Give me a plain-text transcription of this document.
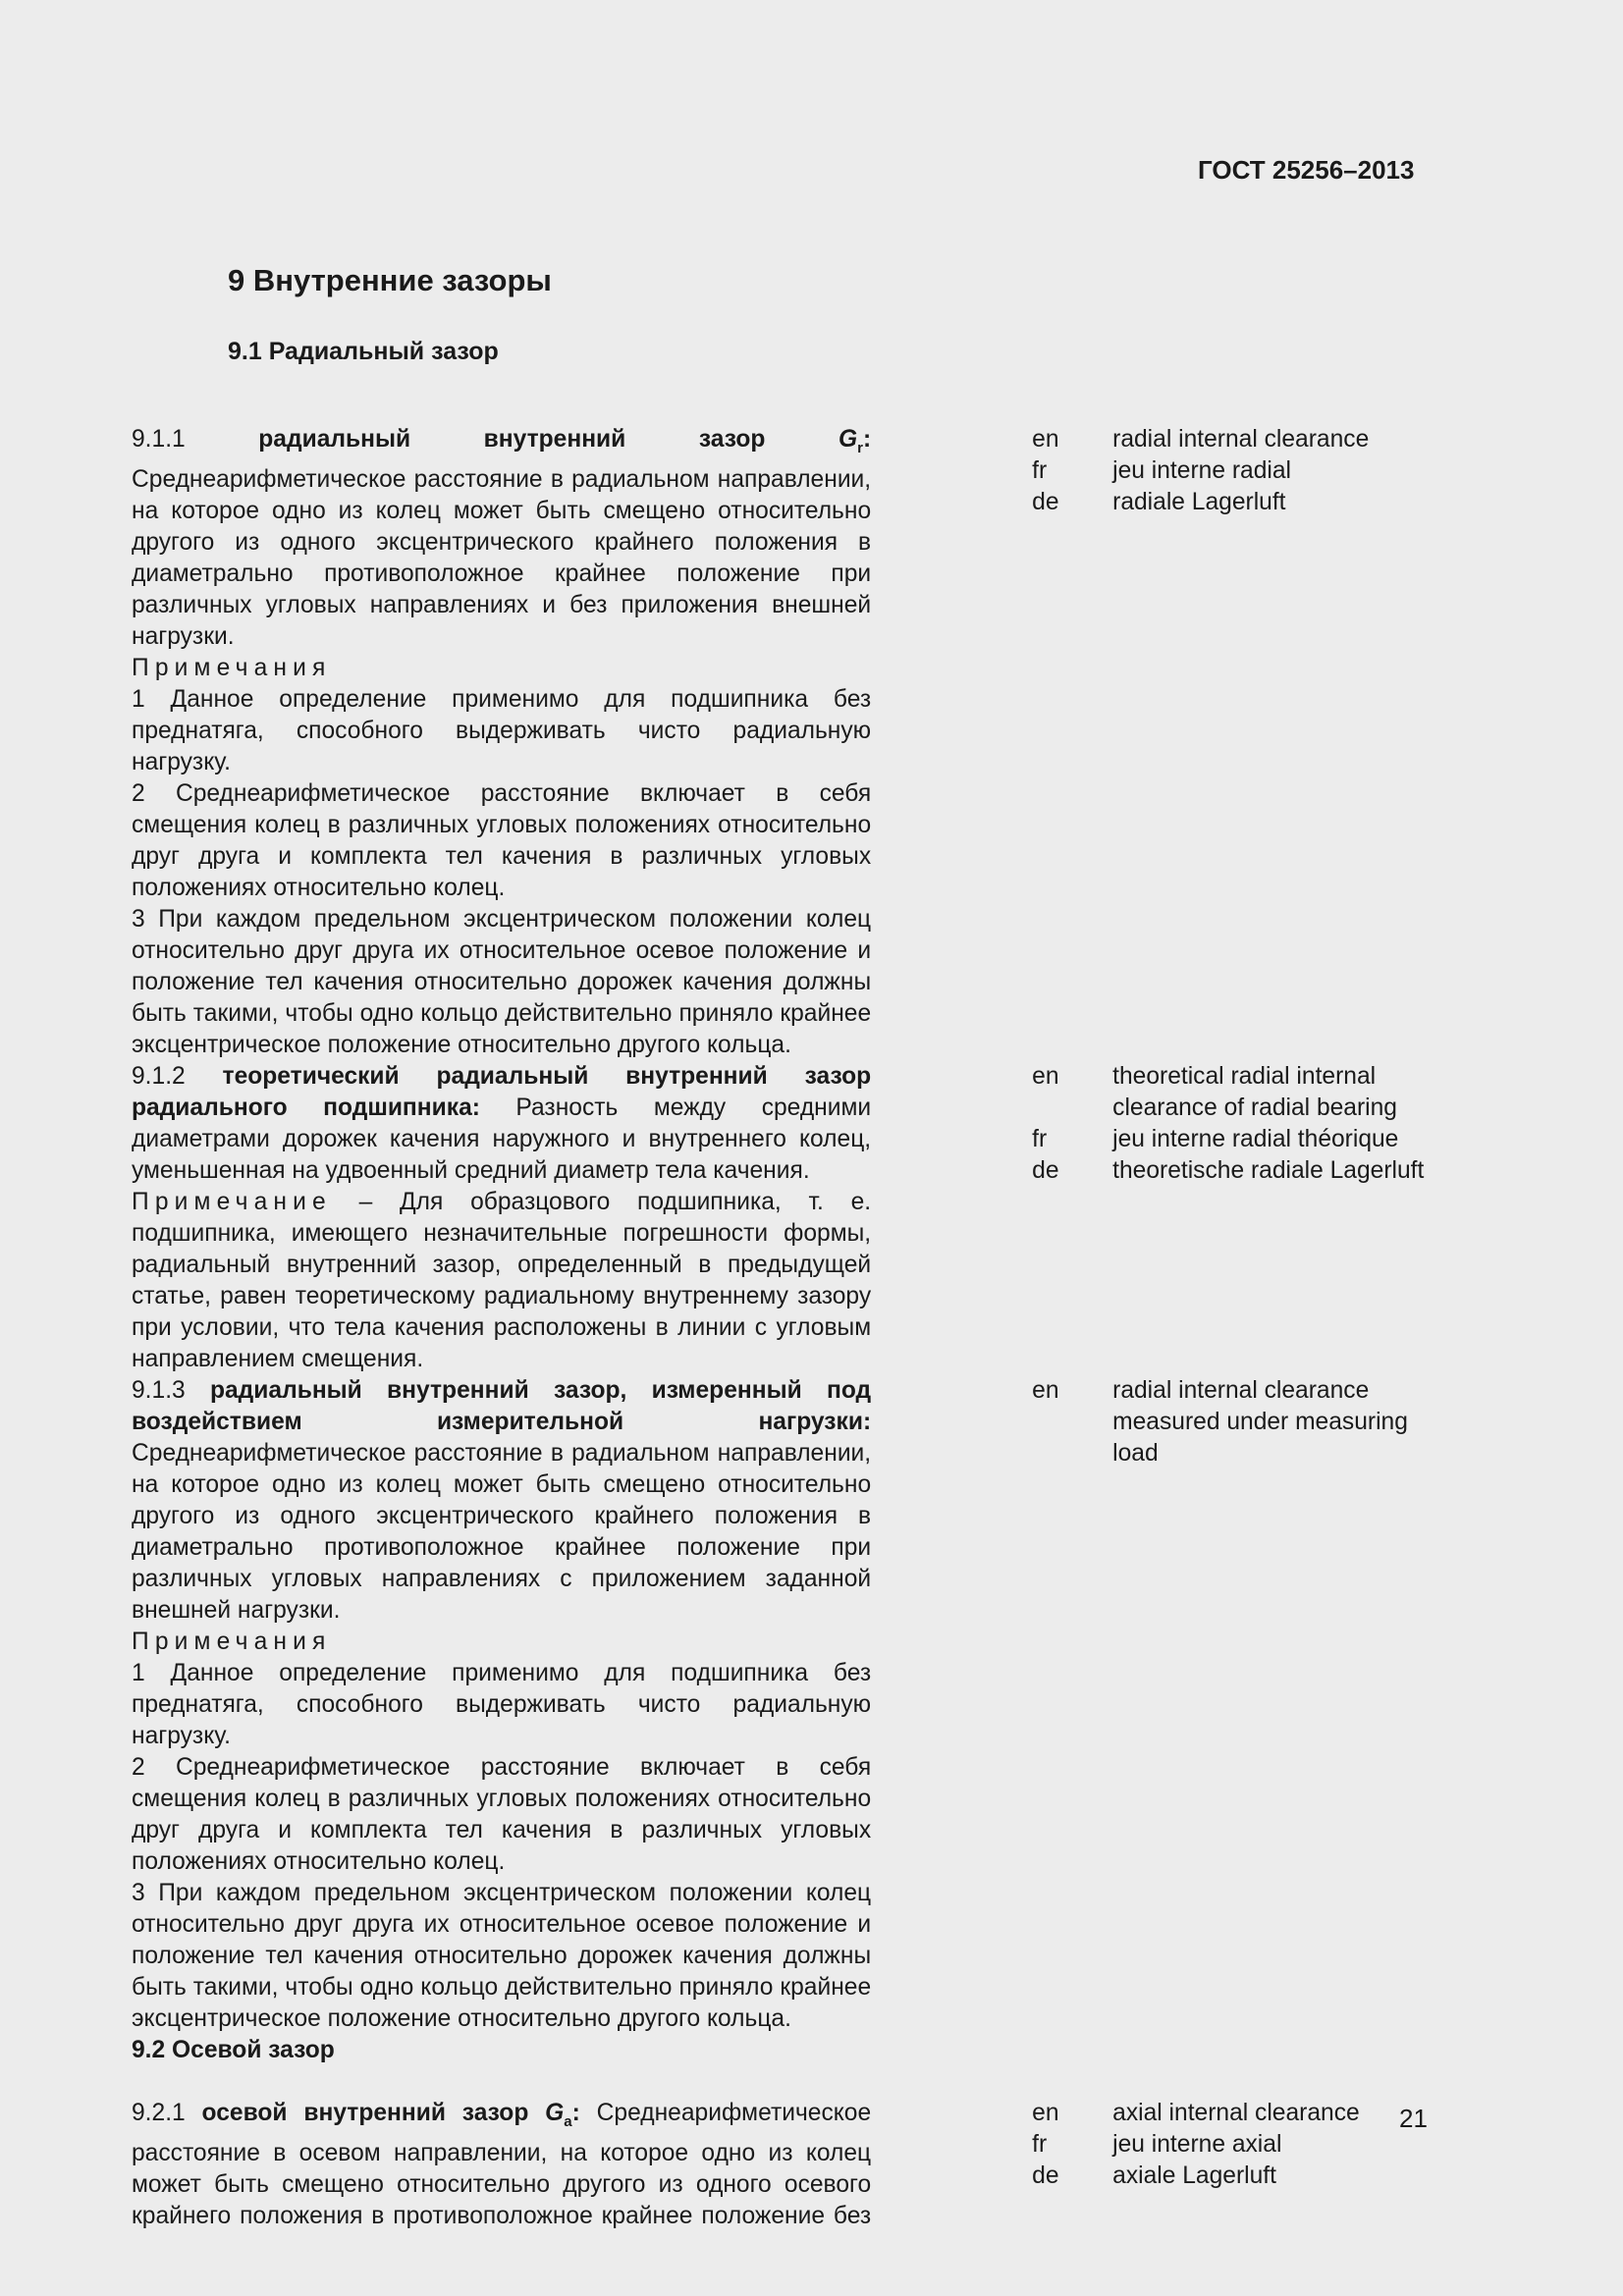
ГОСТ 25256–2013
9 Внутренние зазоры
9.1 Радиальный зазор

9.1.1 радиальный внутренний зазор $G_r$: Среднеарифметическое расстояние в радиальном направлении, на которое одно из колец может быть смещено относительно другого из одного эксцентрического крайнего положения в диаметрально противоположное крайнее положение при различных угловых направлениях и без приложения внешней нагрузки.

Примечания

1 Данное определение применимо для подшипника без преднатяга, способного выдерживать чисто радиальную нагрузку.

2 Среднеарифметическое расстояние включает в себя смещения колец в различных угловых положениях относительно друг друга и комплекта тел качения в различных угловых положениях относительно колец.

3 При каждом предельном эксцентрическом положении колец относительно друг друга их относительное осевое положение и положение тел качения относительно дорожек качения должны быть такими, чтобы одно кольцо действительно приняло крайнее эксцентрическое положение относительно другого кольца.

en
fr
de
radial internal clearance
jeu interne radial
radiale Lagerluft

9.1.2 теоретический радиальный внутренний зазор радиального подшипника: Разность между средними диаметрами дорожек качения наружного и внутреннего колец, уменьшенная на удвоенный средний диаметр тела качения.

Примечание – Для образцового подшипника, т. е. подшипника, имеющего незначительные погрешности формы, радиальный внутренний зазор, определенный в предыдущей статье, равен теоретическому радиальному внутреннему зазору при условии, что тела качения расположены в линии с угловым направлением смещения.

en
fr
de
theoretical radial internal clearance of radial bearing
jeu interne radial théorique
theoretische radiale Lagerluft

9.1.3 радиальный внутренний зазор, измеренный под воздействием измерительной нагрузки: Среднеарифметическое расстояние в радиальном направлении, на которое одно из колец может быть смещено относительно другого из одного эксцентрического крайнего положения в диаметрально противоположное крайнее положение при различных угловых направлениях с приложением заданной внешней нагрузки.

Примечания

1 Данное определение применимо для подшипника без преднатяга, способного выдерживать чисто радиальную нагрузку.

2 Среднеарифметическое расстояние включает в себя смещения колец в различных угловых положениях относительно друг друга и комплекта тел качения в различных угловых положениях относительно колец.

3 При каждом предельном эксцентрическом положении колец относительно друг друга их относительное осевое положение и положение тел качения относительно дорожек качения должны быть такими, чтобы одно кольцо действительно приняло крайнее эксцентрическое положение относительно другого кольца.

en	radial internal clearance measured under measuring load
9.2 Осевой зазор

9.2.1 осевой внутренний зазор $G_a$: Среднеарифметическое расстояние в осевом направлении, на которое одно из колец может быть смещено относительно другого из одного осевого крайнего положения в противоположное крайнее положение без

en
fr
de
axial internal clearance
jeu interne axial
axiale Lagerluft
21
